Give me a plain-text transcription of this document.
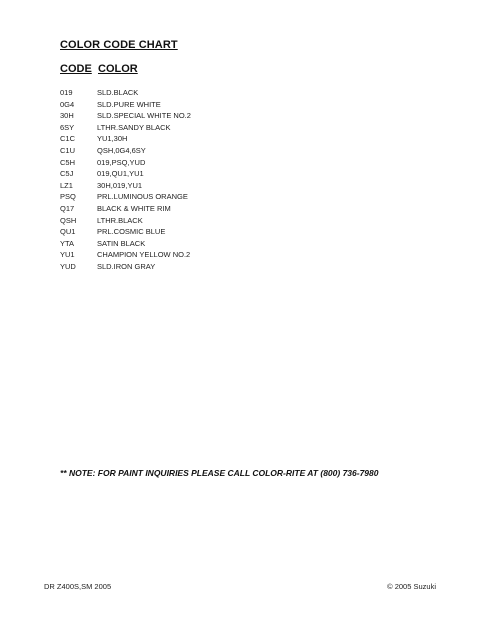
COLOR CODE CHART
CODE COLOR
019	SLD.BLACK
0G4	SLD.PURE WHITE
30H	SLD.SPECIAL WHITE NO.2
6SY	LTHR.SANDY BLACK
C1C	YU1,30H
C1U	QSH,0G4,6SY
C5H	019,PSQ,YUD
C5J	019,QU1,YU1
LZ1	30H,019,YU1
PSQ	PRL.LUMINOUS ORANGE
Q17	BLACK & WHITE RIM
QSH	LTHR.BLACK
QU1	PRL.COSMIC BLUE
YTA	SATIN BLACK
YU1	CHAMPION YELLOW NO.2
YUD	SLD.IRON GRAY
** NOTE: FOR PAINT INQUIRIES PLEASE CALL COLOR-RITE AT (800) 736-7980
DR Z400S,SM 2005	© 2005 Suzuki
